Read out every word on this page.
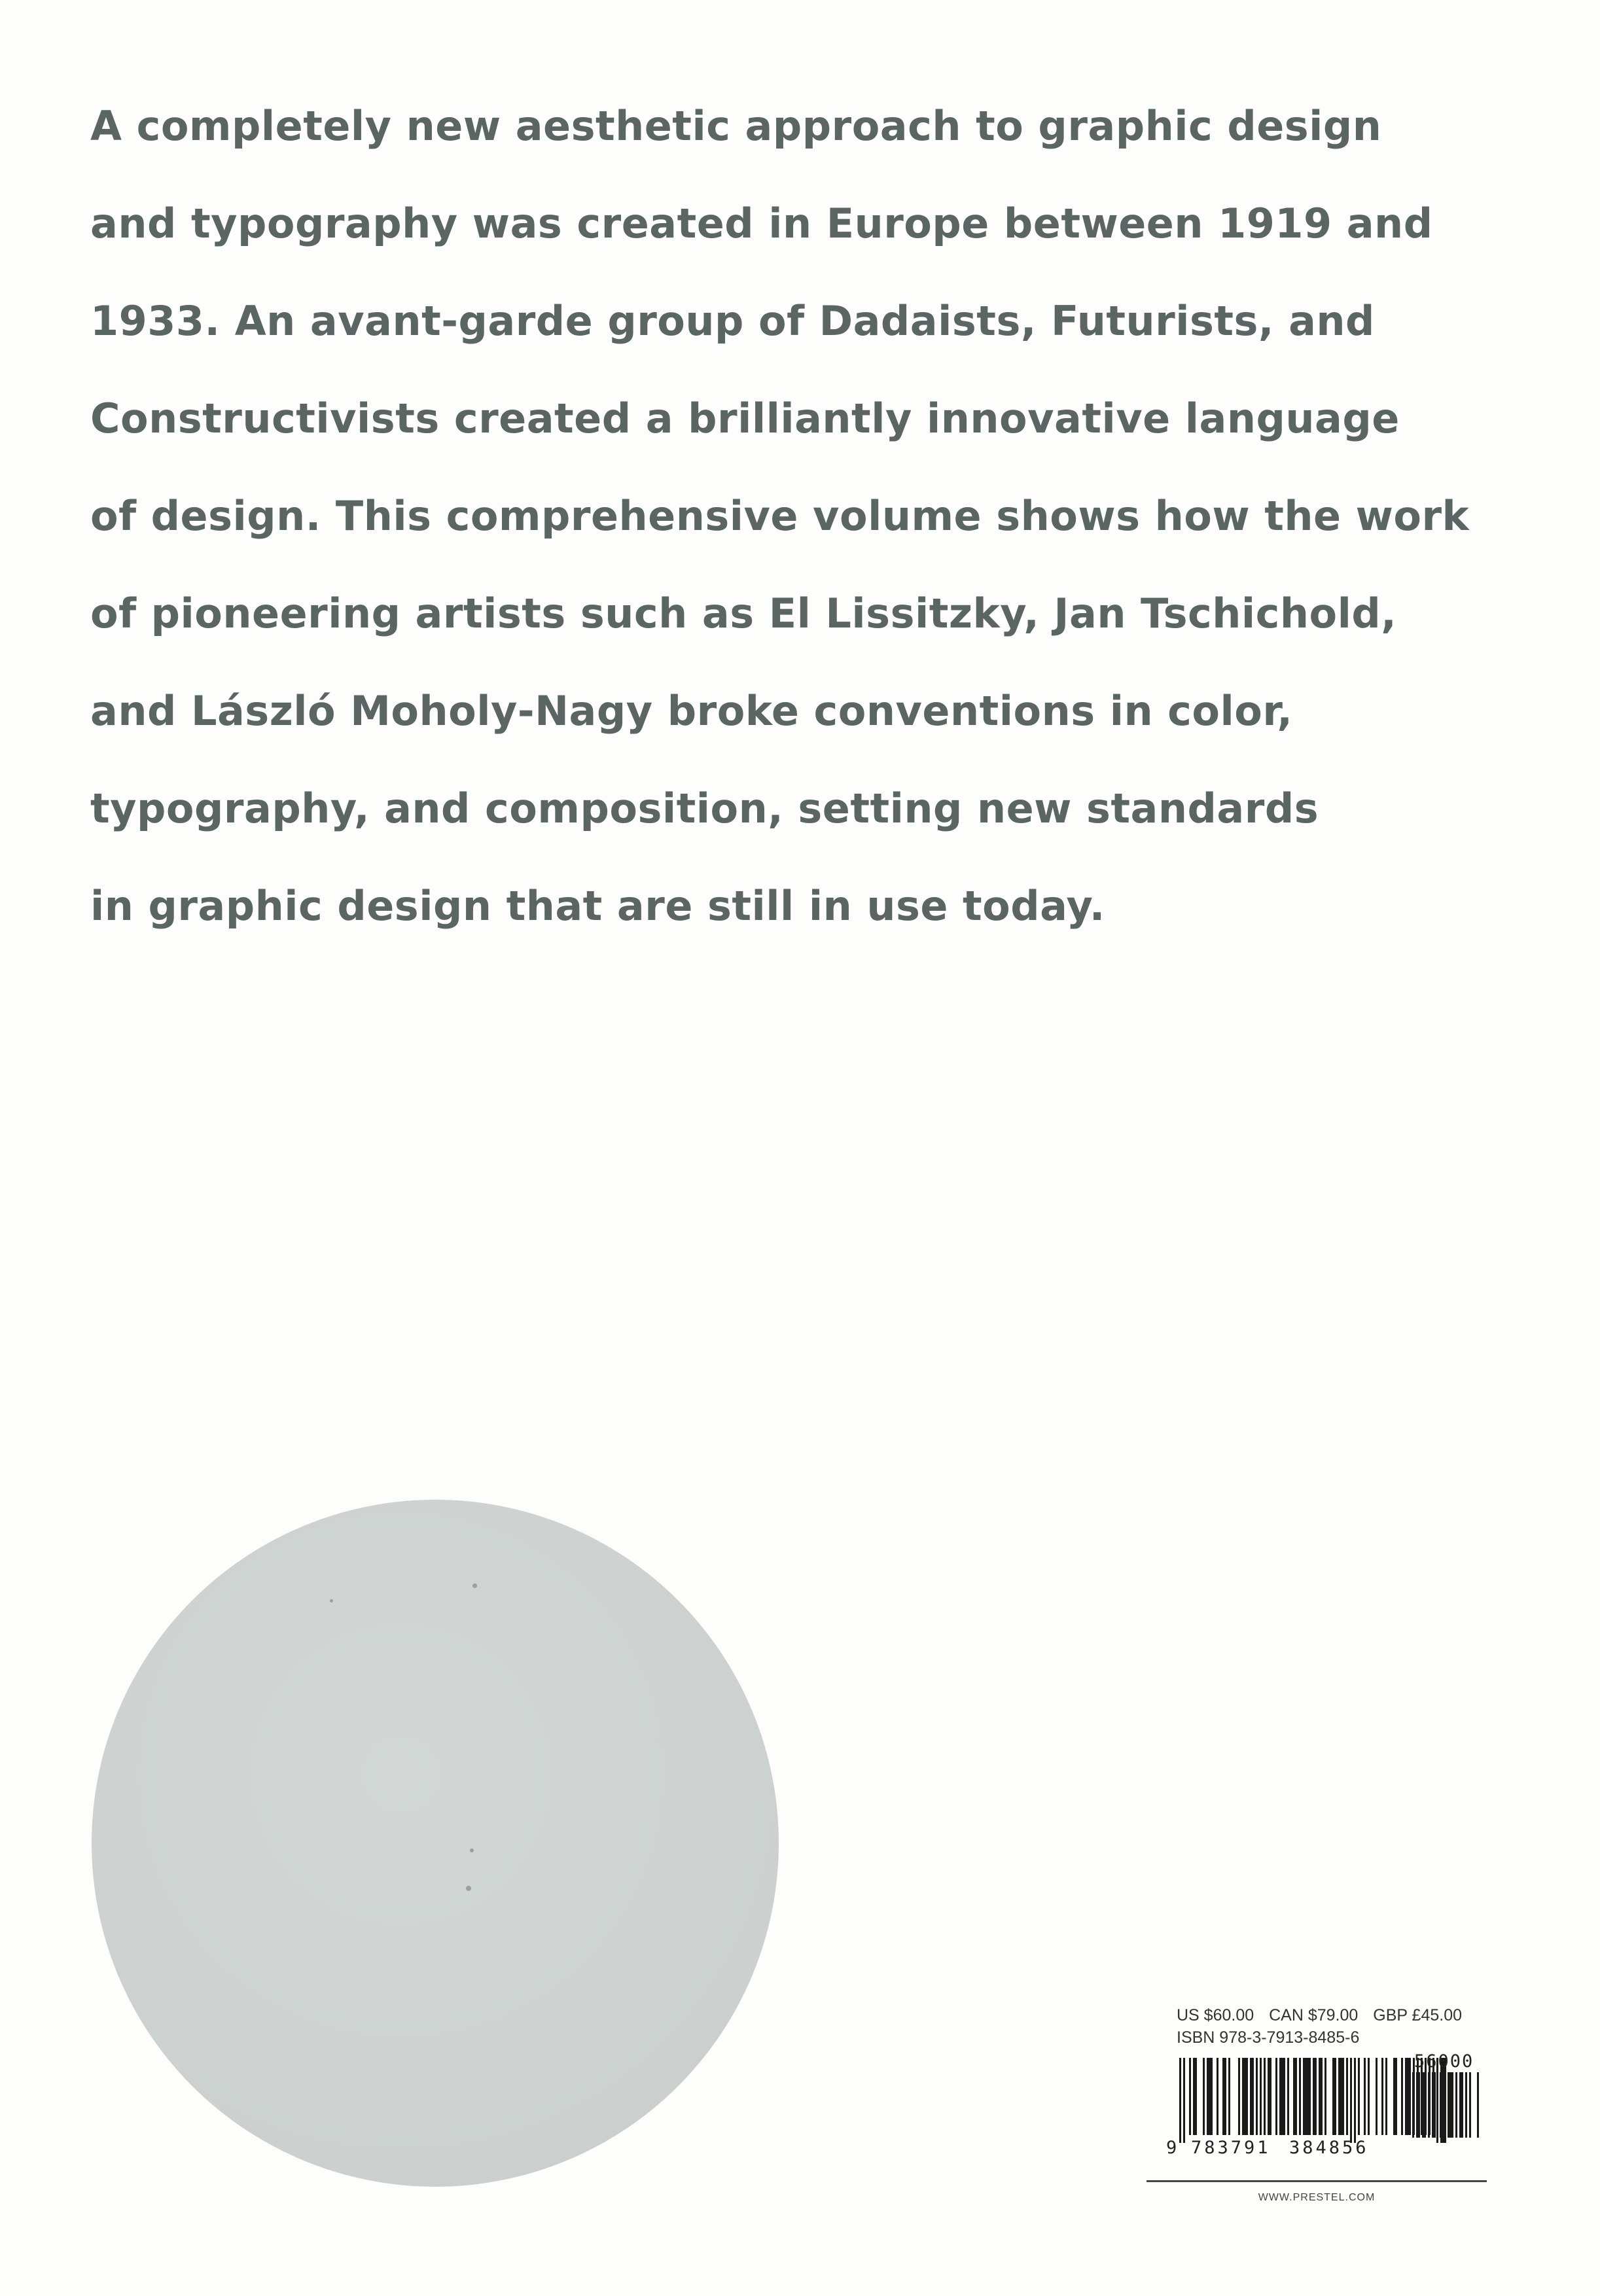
A completely new aesthetic approach to graphic design
and typography was created in Europe between 1919 and
1933. An avant-garde group of Dadaists, Futurists, and
Constructivists created a brilliantly innovative language
of design. This comprehensive volume shows how the work
of pioneering artists such as El Lissitzky, Jan Tschichold,
and László Moholy-Nagy broke conventions in color,
typography, and composition, setting new standards
in graphic design that are still in use today.
US $60.00 CAN $79.00 GBP £45.00
ISBN 978-3-7913-8485-6
56000
9 783791 384856
WWW.PRESTEL.COM
